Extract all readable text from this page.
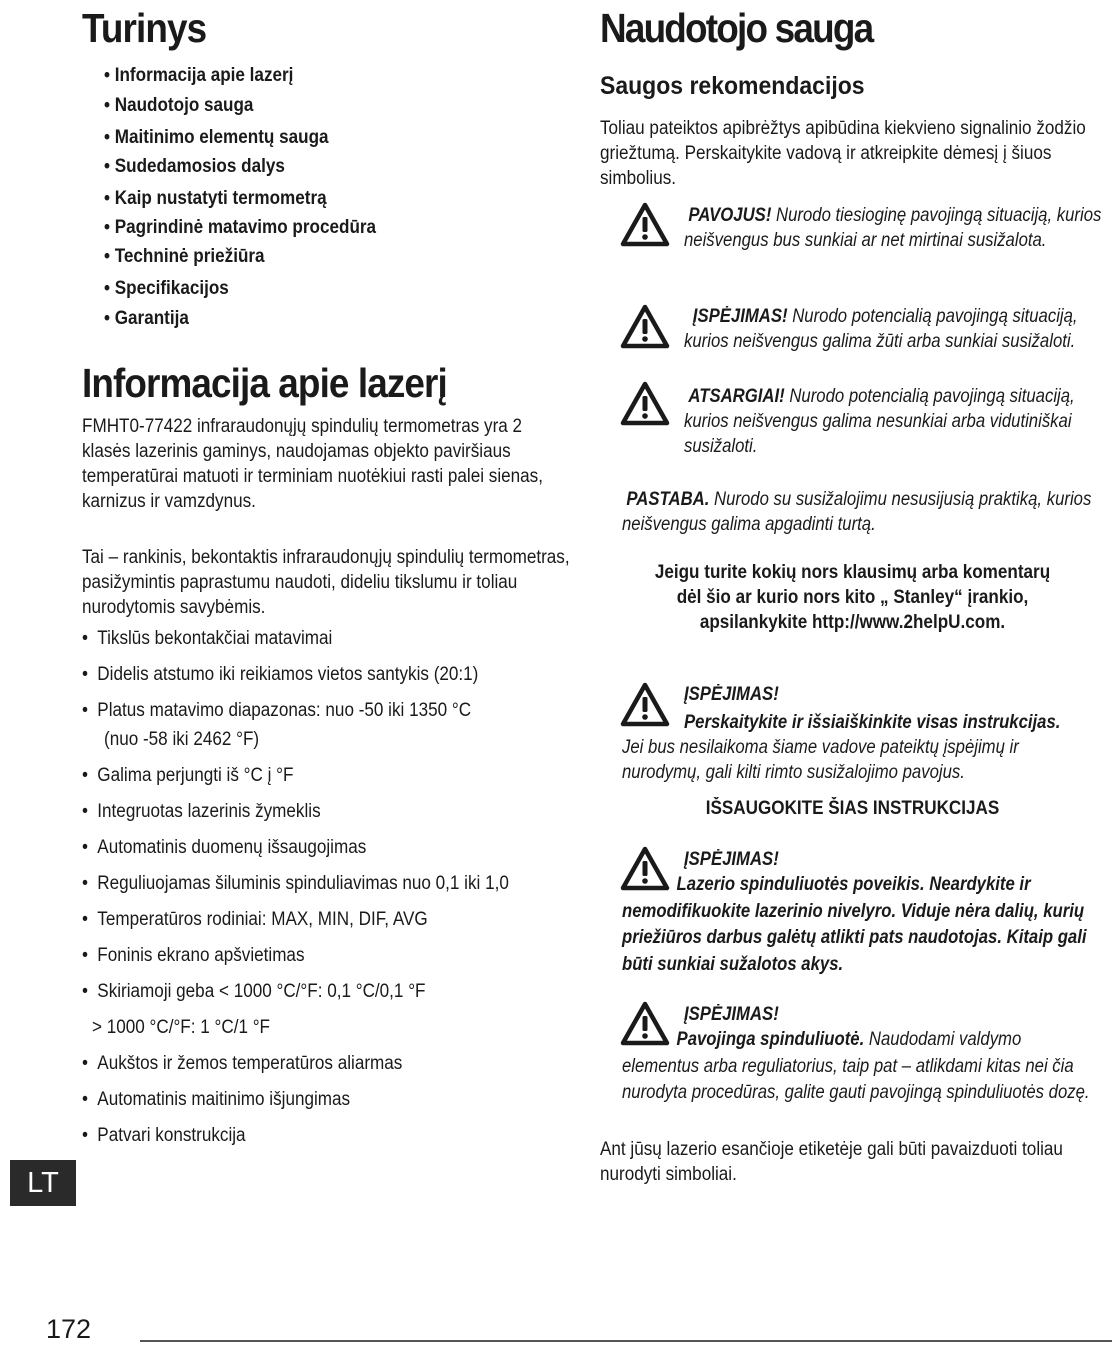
Turinys
• Informacija apie lazerį
• Naudotojo sauga
• Maitinimo elementų sauga
• Sudedamosios dalys
• Kaip nustatyti termometrą
• Pagrindinė matavimo procedūra
• Techninė priežiūra
• Specifikacijos
• Garantija
Informacija apie lazerį
FMHT0-77422 infraraudonųjų spindulių termometras yra 2 klasės lazerinis gaminys, naudojamas objekto paviršiaus temperatūrai matuoti ir terminiam nuotėkiui rasti palei sienas, karnizus ir vamzdynus.
Tai – rankinis, bekontaktis infraraudonųjų spindulių termometras, pasižymintis paprastumu naudoti, dideliu tikslumu ir toliau nurodytomis savybėmis.
• Tikslūs bekontakčiai matavimai
• Didelis atstumo iki reikiamos vietos santykis (20:1)
• Platus matavimo diapazonas: nuo -50 iki 1350 °C
(nuo -58 iki 2462 °F)
• Galima perjungti iš °C į °F
• Integruotas lazerinis žymeklis
• Automatinis duomenų išsaugojimas
• Reguliuojamas šiluminis spinduliavimas nuo 0,1 iki 1,0
• Temperatūros rodiniai: MAX, MIN, DIF, AVG
• Foninis ekrano apšvietimas
• Skiriamoji geba < 1000 °C/°F: 0,1 °C/0,1 °F
> 1000 °C/°F: 1 °C/1 °F
• Aukštos ir žemos temperatūros aliarmas
• Automatinis maitinimo išjungimas
• Patvari konstrukcija
Naudotojo sauga
Saugos rekomendacijos
Toliau pateiktos apibrėžtys apibūdina kiekvieno signalinio žodžio griežtumą. Perskaitykite vadovą ir atkreipkite dėmesį į šiuos simbolius.
PAVOJUS! Nurodo tiesioginę pavojingą situaciją, kurios neišvengus bus sunkiai ar net mirtinai susižalota.
ĮSPĖJIMAS! Nurodo potencialią pavojingą situaciją, kurios neišvengus galima žūti arba sunkiai susižaloti.
ATSARGIAI! Nurodo potencialią pavojingą situaciją, kurios neišvengus galima nesunkiai arba vidutiniškai susižaloti.
PASTABA. Nurodo su susižalojimu nesusijusią praktiką, kurios neišvengus galima apgadinti turtą.
Jeigu turite kokių nors klausimų arba komentarų
dėl šio ar kurio nors kito „ Stanley“ įrankio,
apsilankykite http://www.2helpU.com.
ĮSPĖJIMAS!
Perskaitykite ir išsiaiškinkite visas instrukcijas.
Jei bus nesilaikoma šiame vadove pateiktų įspėjimų ir nurodymų, gali kilti rimto susižalojimo pavojus.
IŠSAUGOKITE ŠIAS INSTRUKCIJAS
ĮSPĖJIMAS!
Lazerio spinduliuotės poveikis. Neardykite ir nemodifikuokite lazerinio nivelyro. Viduje nėra dalių, kurių priežiūros darbus galėtų atlikti pats naudotojas. Kitaip gali būti sunkiai sužalotos akys.
ĮSPĖJIMAS!
Pavojinga spinduliuotė. Naudodami valdymo elementus arba reguliatorius, taip pat – atlikdami kitas nei čia nurodyta procedūras, galite gauti pavojingą spinduliuotės dozę.
Ant jūsų lazerio esančioje etiketėje gali būti pavaizduoti toliau nurodyti simboliai.
LT
172
